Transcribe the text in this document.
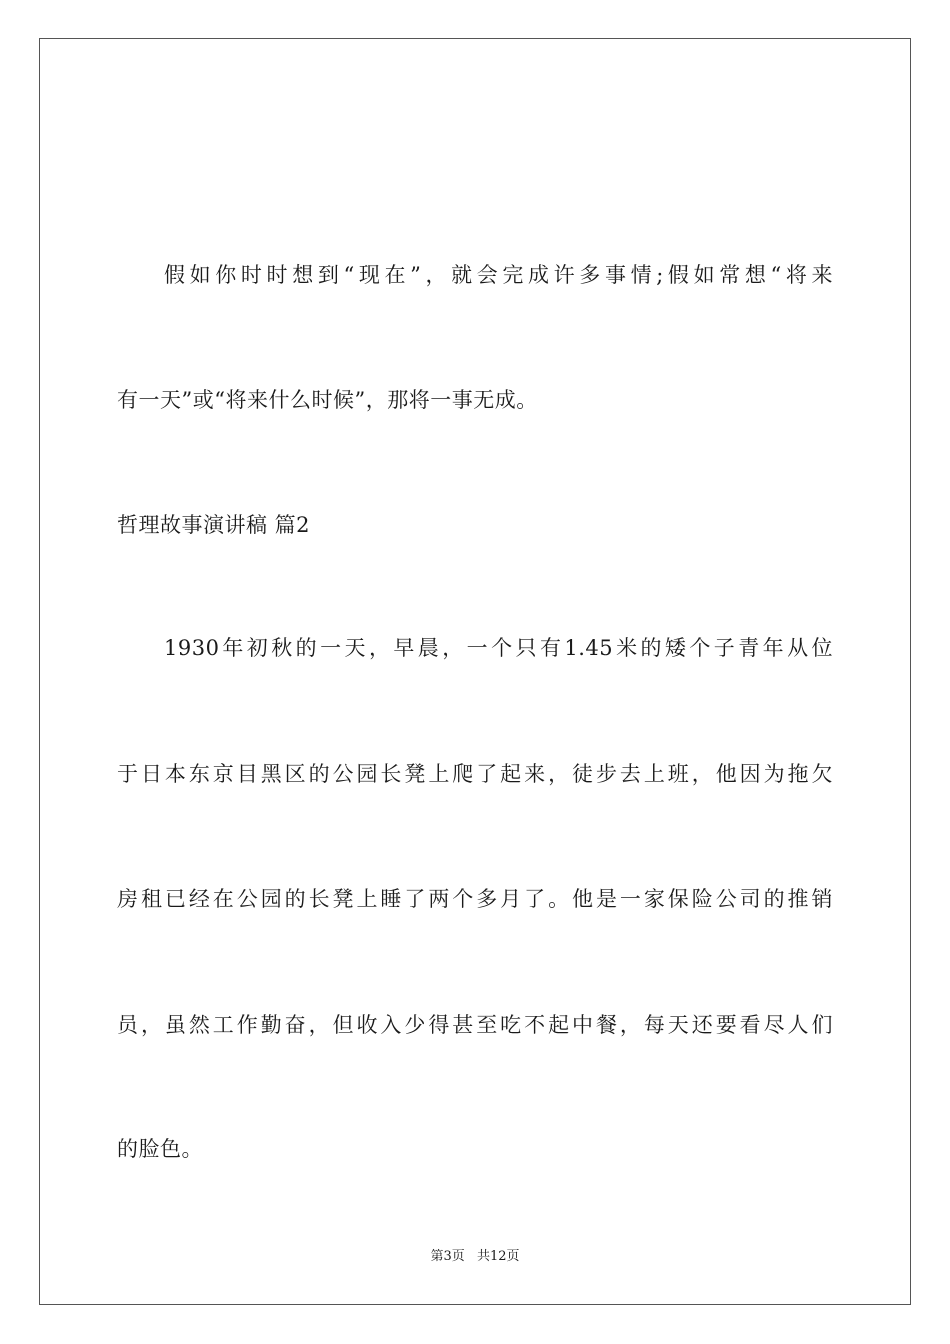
假如你时时想到“现在”，就会完成许多事情;假如常想“将来
有一天”或“将来什么时候”，那将一事无成。
哲理故事演讲稿 篇2
1930年初秋的一天，早晨，一个只有1.45米的矮个子青年从位
于日本东京目黑区的公园长凳上爬了起来，徒步去上班，他因为拖欠
房租已经在公园的长凳上睡了两个多月了。他是一家保险公司的推销
员，虽然工作勤奋，但收入少得甚至吃不起中餐，每天还要看尽人们
的脸色。
第3页 共12页
